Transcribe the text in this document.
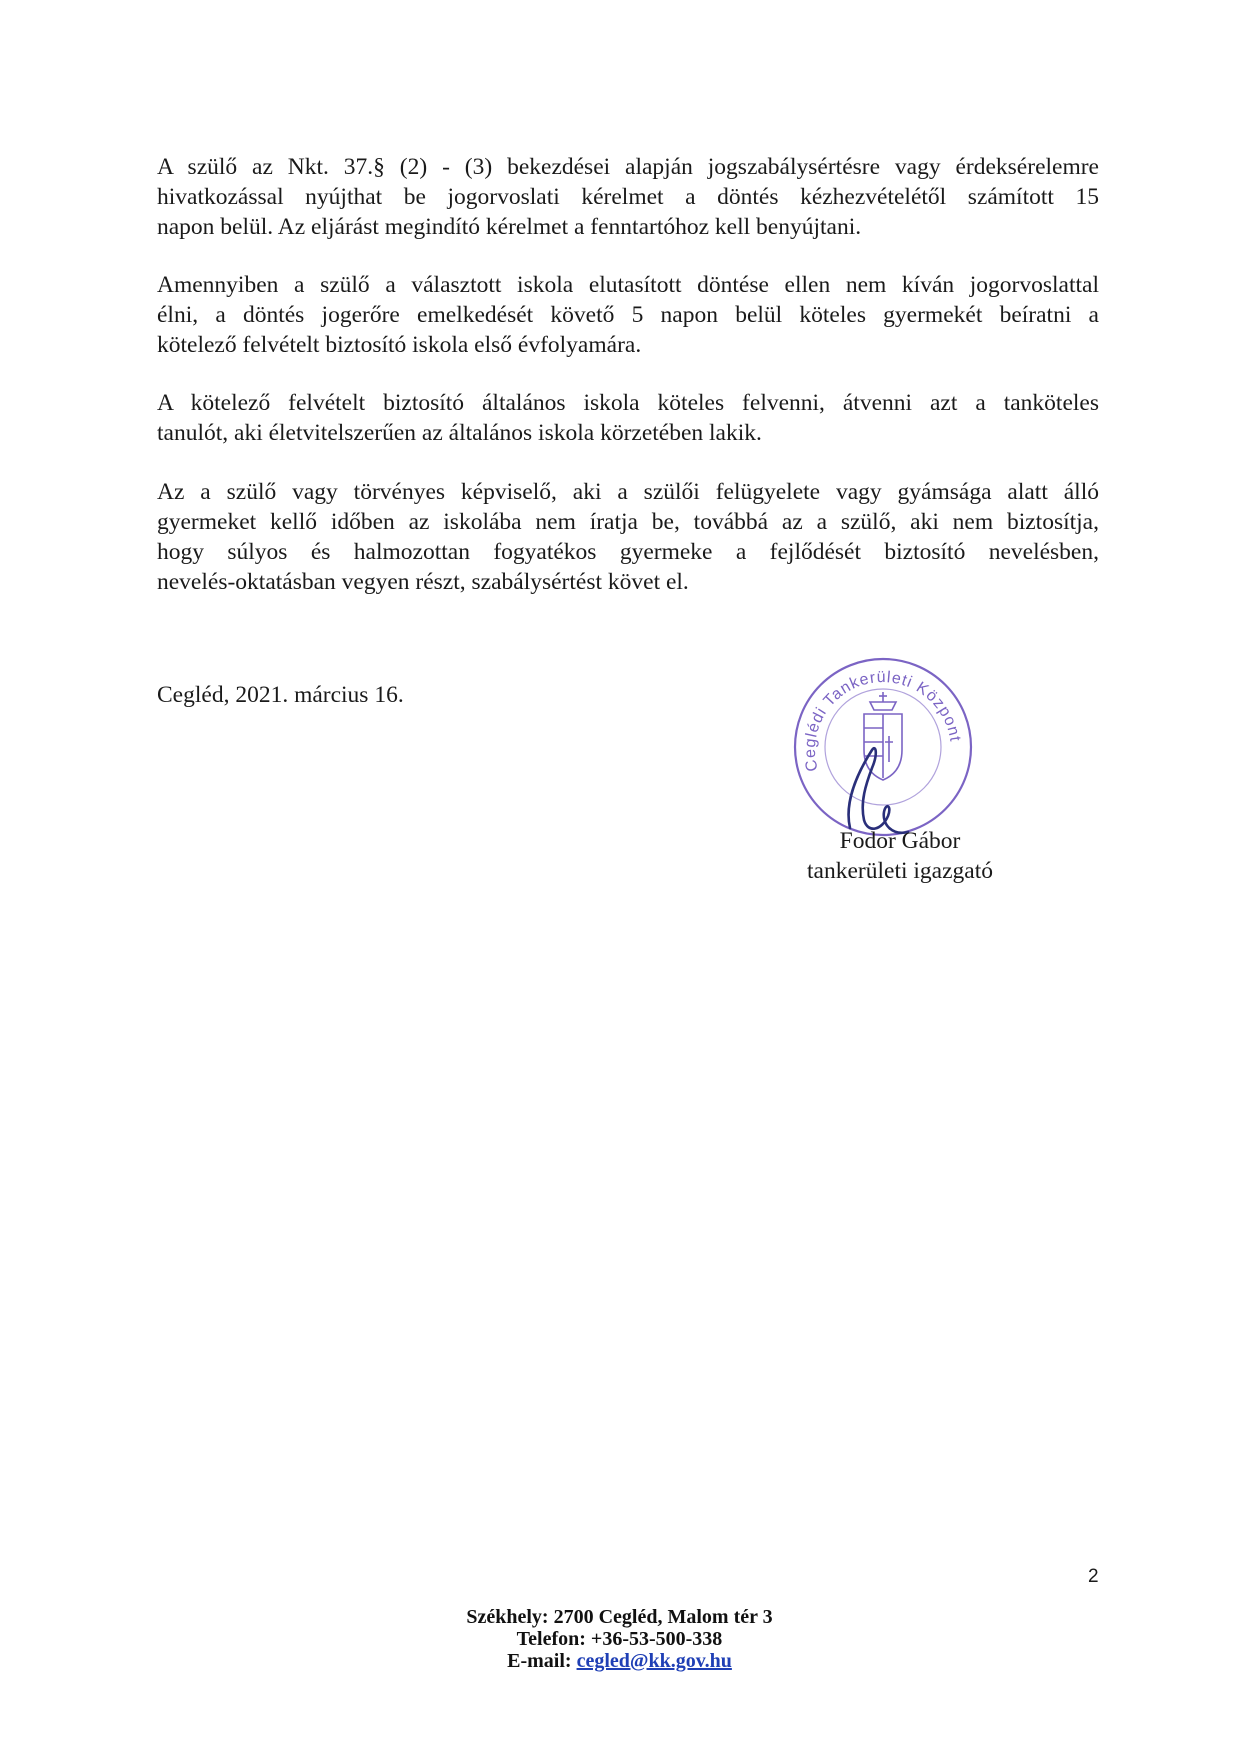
A szülő az Nkt. 37.§ (2) - (3) bekezdései alapján jogszabálysértésre vagy érdeksérelemre
hivatkozással nyújthat be jogorvoslati kérelmet a döntés kézhezvételétől számított 15
napon belül. Az eljárást megindító kérelmet a fenntartóhoz kell benyújtani.
Amennyiben a szülő a választott iskola elutasított döntése ellen nem kíván jogorvoslattal
élni, a döntés jogerőre emelkedését követő 5 napon belül köteles gyermekét beíratni a
kötelező felvételt biztosító iskola első évfolyamára.
A kötelező felvételt biztosító általános iskola köteles felvenni, átvenni azt a tanköteles
tanulót, aki életvitelszerűen az általános iskola körzetében lakik.
Az a szülő vagy törvényes képviselő, aki a szülői felügyelete vagy gyámsága alatt álló
gyermeket kellő időben az iskolába nem íratja be, továbbá az a szülő, aki nem biztosítja,
hogy súlyos és halmozottan fogyatékos gyermeke a fejlődését biztosító nevelésben,
nevelés-oktatásban vegyen részt, szabálysértést követ el.
Cegléd, 2021. március 16.
Ceglédi Tankerületi Központ
Fodor Gábor
tankerületi igazgató
2
Székhely: 2700 Cegléd, Malom tér 3
Telefon: +36-53-500-338
E-mail: cegled@kk.gov.hu
